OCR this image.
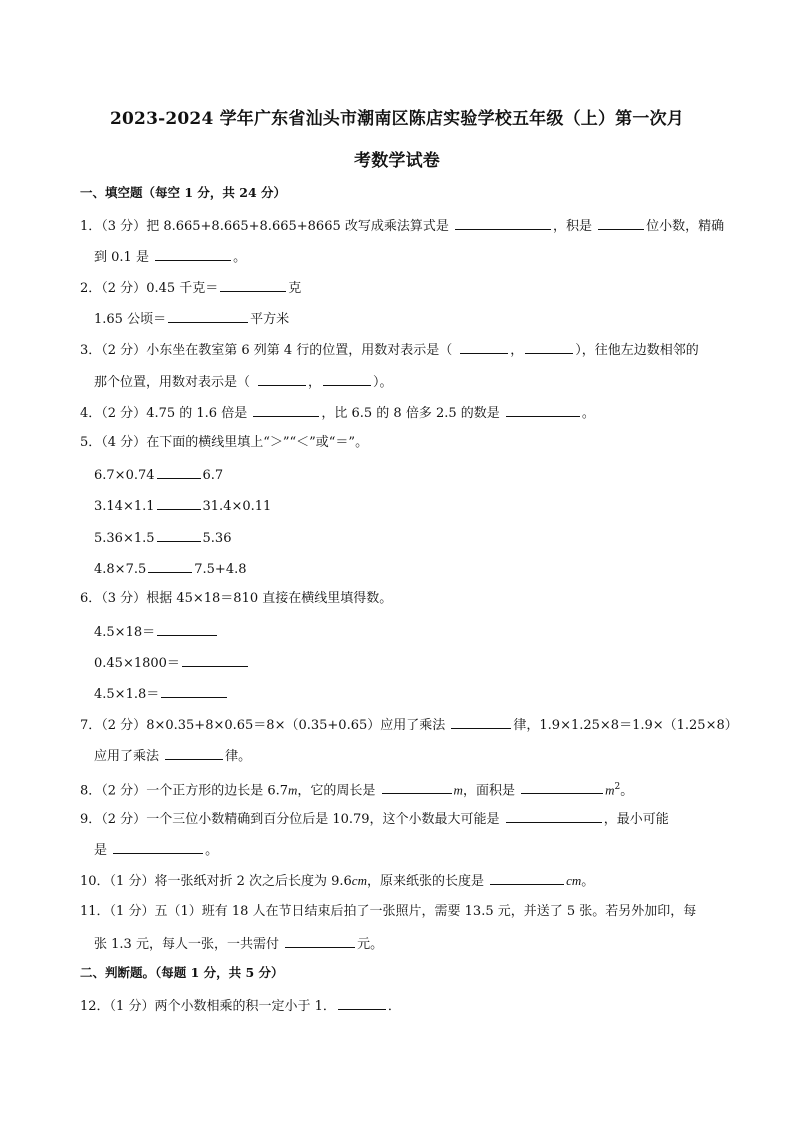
2023-2024 学年广东省汕头市潮南区陈店实验学校五年级（上）第一次月
考数学试卷
一、填空题（每空 1 分，共 24 分）
1．（3 分）把 8.665+8.665+8.665+8665 改写成乘法算式是	，积是	位小数，精确
到 0.1 是	。
2．（2 分）0.45 千克＝	克
1.65 公顷＝	平方米
3．（2 分）小东坐在教室第 6 列第 4 行的位置，用数对表示是（	，	），往他左边数相邻的
那个位置，用数对表示是（	，	）。
4．（2 分）4.75 的 1.6 倍是	，比 6.5 的 8 倍多 2.5 的数是	。
5．（4 分）在下面的横线里填上“＞”“＜”或“＝”。
6.7×0.74	6.7
3.14×1.1	31.4×0.11
5.36×1.5	5.36
4.8×7.5	7.5+4.8
6．（3 分）根据 45×18＝810 直接在横线里填得数。
4.5×18＝
0.45×1800＝
4.5×1.8＝
7．（2 分）8×0.35+8×0.65＝8×（0.35+0.65）应用了乘法	律，1.9×1.25×8＝1.9×（1.25×8）
应用了乘法	律。
8．（2 分）一个正方形的边长是 6.7m，它的周长是	m，面积是	$m^2$。
9．（2 分）一个三位小数精确到百分位后是 10.79，这个小数最大可能是	，最小可能
是	。
10．（1 分）将一张纸对折 2 次之后长度为 9.6cm，原来纸张的长度是	cm。
11．（1 分）五（1）班有 18 人在节日结束后拍了一张照片，需要 13.5 元，并送了 5 张。若另外加印，每
张 1.3 元，每人一张，一共需付	元。
二、判断题。（每题 1 分，共 5 分）
12．（1 分）两个小数相乘的积一定小于 1．	．
